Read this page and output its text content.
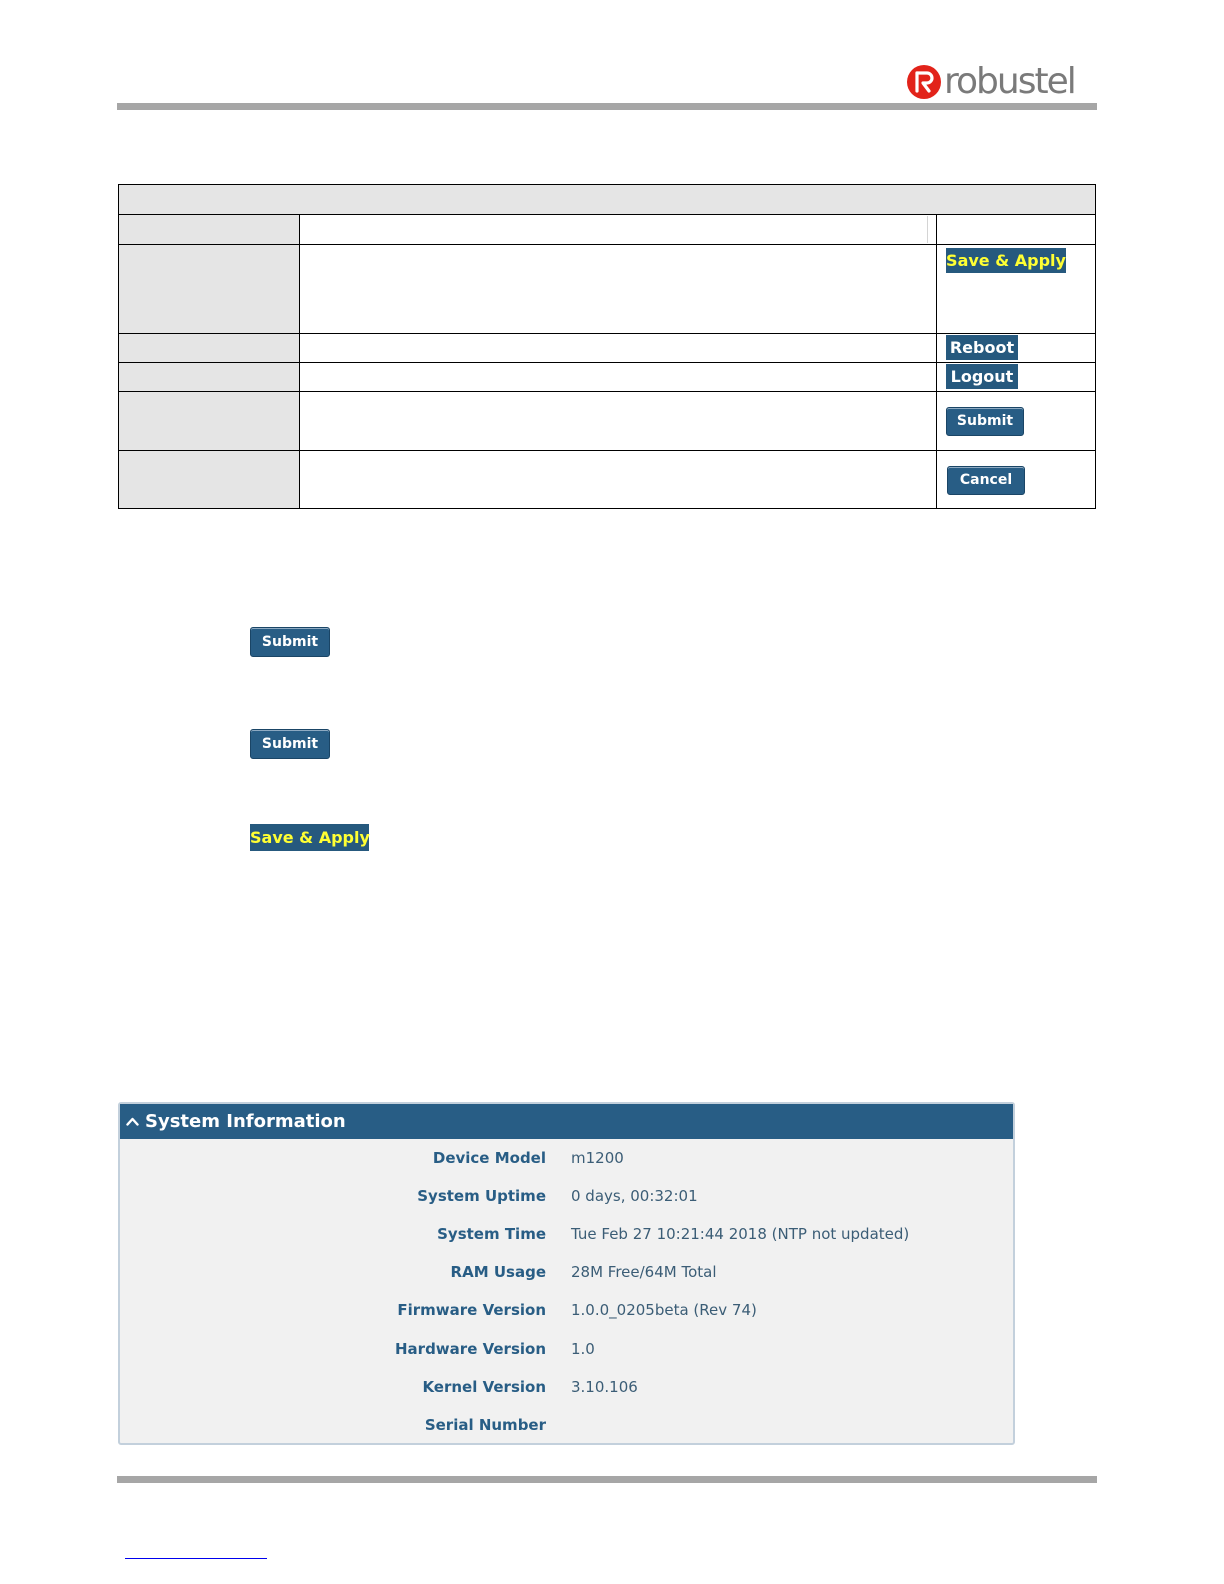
robustel

		Save & Apply

		Reboot

		Logout

		Submit

		Cancel
Submit
Submit
Save & Apply
System Information
Device Model m1200
System Uptime 0 days, 00:32:01
System Time Tue Feb 27 10:21:44 2018 (NTP not updated)
RAM Usage 28M Free/64M Total
Firmware Version 1.0.0_0205beta (Rev 74)
Hardware Version 1.0
Kernel Version 3.10.106
Serial Number
